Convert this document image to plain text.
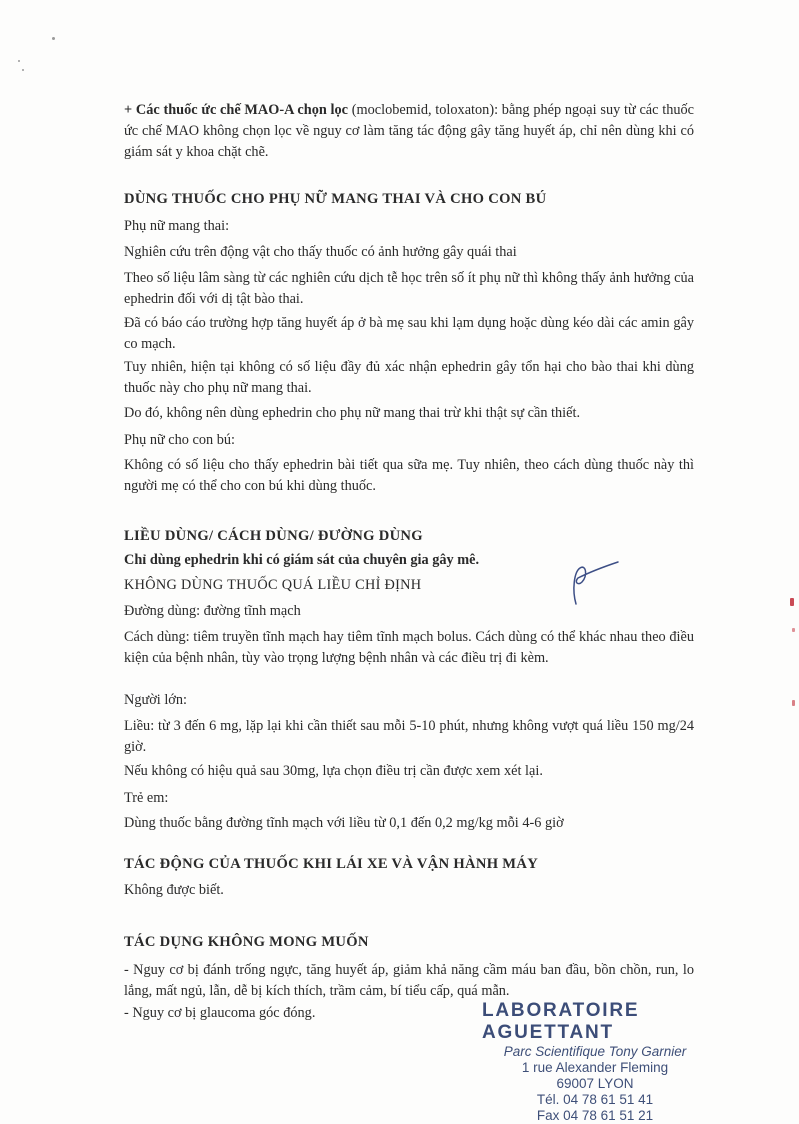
+ Các thuốc ức chế MAO-A chọn lọc (moclobemid, toloxaton): bằng phép ngoại suy từ các thuốc ức chế MAO không chọn lọc về nguy cơ làm tăng tác động gây tăng huyết áp, chỉ nên dùng khi có giám sát y khoa chặt chẽ.

DÙNG THUỐC CHO PHỤ NỮ MANG THAI VÀ CHO CON BÚ

Phụ nữ mang thai:

Nghiên cứu trên động vật cho thấy thuốc có ảnh hưởng gây quái thai

Theo số liệu lâm sàng từ các nghiên cứu dịch tễ học trên số ít phụ nữ thì không thấy ảnh hưởng của ephedrin đối với dị tật bào thai.

Đã có báo cáo trường hợp tăng huyết áp ở bà mẹ sau khi lạm dụng hoặc dùng kéo dài các amin gây co mạch.

Tuy nhiên, hiện tại không có số liệu đầy đủ xác nhận ephedrin gây tổn hại cho bào thai khi dùng thuốc này cho phụ nữ mang thai.

Do đó, không nên dùng ephedrin cho phụ nữ mang thai trừ khi thật sự cần thiết.

Phụ nữ cho con bú:

Không có số liệu cho thấy ephedrin bài tiết qua sữa mẹ. Tuy nhiên, theo cách dùng thuốc này thì người mẹ có thể cho con bú khi dùng thuốc.

LIỀU DÙNG/ CÁCH DÙNG/ ĐƯỜNG DÙNG

Chỉ dùng ephedrin khi có giám sát của chuyên gia gây mê.

KHÔNG DÙNG THUỐC QUÁ LIỀU CHỈ ĐỊNH

Đường dùng: đường tĩnh mạch

Cách dùng: tiêm truyền tĩnh mạch hay tiêm tĩnh mạch bolus. Cách dùng có thể khác nhau theo điều kiện của bệnh nhân, tùy vào trọng lượng bệnh nhân và các điều trị đi kèm.

Người lớn:

Liều: từ 3 đến 6 mg, lặp lại khi cần thiết sau mỗi 5-10 phút, nhưng không vượt quá liều 150 mg/24 giờ.

Nếu không có hiệu quả sau 30mg, lựa chọn điều trị cần được xem xét lại.

Trẻ em:

Dùng thuốc bằng đường tĩnh mạch với liều từ 0,1 đến 0,2 mg/kg mỗi 4-6 giờ

TÁC ĐỘNG CỦA THUỐC KHI LÁI XE VÀ VẬN HÀNH MÁY

Không được biết.

TÁC DỤNG KHÔNG MONG MUỐN

- Nguy cơ bị đánh trống ngực, tăng huyết áp, giảm khả năng cầm máu ban đầu, bồn chồn, run, lo lắng, mất ngủ, lẫn, dễ bị kích thích, trầm cảm, bí tiểu cấp, quá mẫn.

- Nguy cơ bị glaucoma góc đóng.	LABORATOIRE AGUETTANT
Parc Scientifique Tony Garnier
1 rue Alexander Fleming
69007 LYON
Tél. 04 78 61 51 41
Fax 04 78 61 51 21
